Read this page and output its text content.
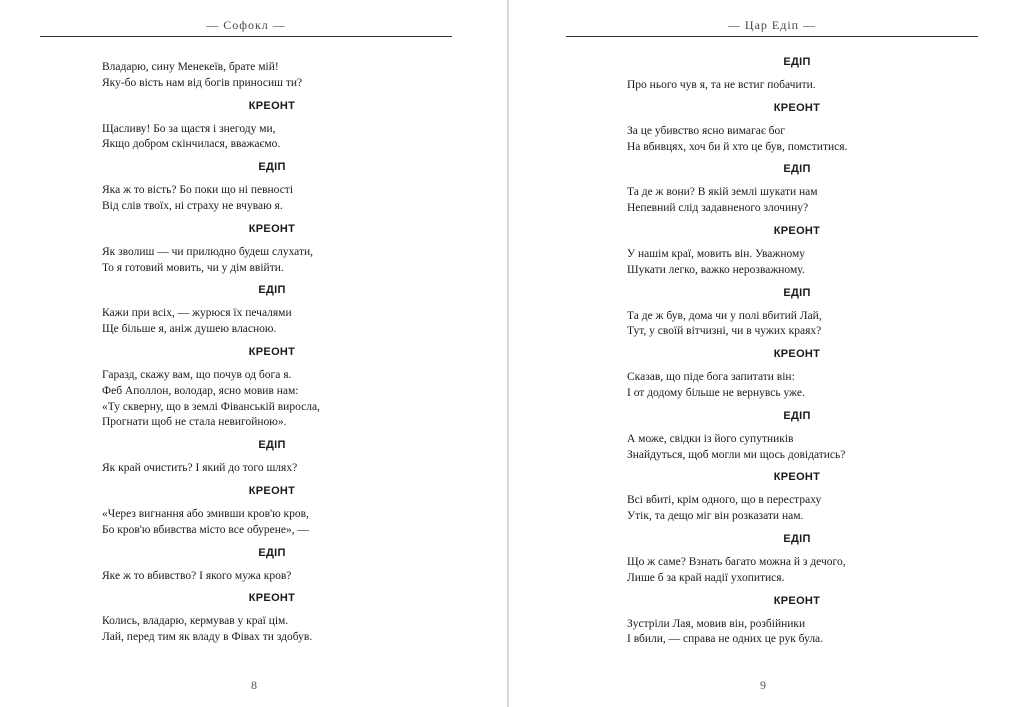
— Софокл —
Владарю, сину Менекеїв, брате мій!
Яку-бо вість нам від богів приносиш ти?
КРЕОНТ
Щасливу! Бо за щастя і знегоду ми,
Якщо добром скінчилася, вважаємо.
ЕДІП
Яка ж то вість? Бо поки що ні певності
Від слів твоїх, ні страху не вчуваю я.
КРЕОНТ
Як зволиш — чи прилюдно будеш слухати,
То я готовий мовить, чи у дім ввійти.
ЕДІП
Кажи при всіх, — журюся їх печалями
Ще більше я, аніж душею власною.
КРЕОНТ
Гаразд, скажу вам, що почув од бога я.
Феб Аполлон, володар, ясно мовив нам:
«Ту скверну, що в землі Фіванській виросла,
Прогнати щоб не стала невигойною».
ЕДІП
Як край очистить? І який до того шлях?
КРЕОНТ
«Через вигнання або змивши кров'ю кров,
Бо кров'ю вбивства місто все обурене», —
ЕДІП
Яке ж то вбивство? І якого мужа кров?
КРЕОНТ
Колись, владарю, кермував у краї цім.
Лай, перед тим як владу в Фівах ти здобув.
8
— Цар Едіп —
ЕДІП
Про нього чув я, та не встиг побачити.
КРЕОНТ
За це убивство ясно вимагає бог
На вбивцях, хоч би й хто це був, помститися.
ЕДІП
Та де ж вони? В якій землі шукати нам
Непевний слід задавненого злочину?
КРЕОНТ
У нашім краї, мовить він. Уважному
Шукати легко, важко нерозважному.
ЕДІП
Та де ж був, дома чи у полі вбитий Лай,
Тут, у своїй вітчизні, чи в чужих краях?
КРЕОНТ
Сказав, що піде бога запитати він:
І от додому більше не вернувсь уже.
ЕДІП
А може, свідки із його супутників
Знайдуться, щоб могли ми щось довідатись?
КРЕОНТ
Всі вбиті, крім одного, що в перестраху
Утік, та дещо міг він розказати нам.
ЕДІП
Що ж саме? Взнать багато можна й з дечого,
Лише б за край надії ухопитися.
КРЕОНТ
Зустріли Лая, мовив він, розбійники
І вбили, — справа не одних це рук була.
9
